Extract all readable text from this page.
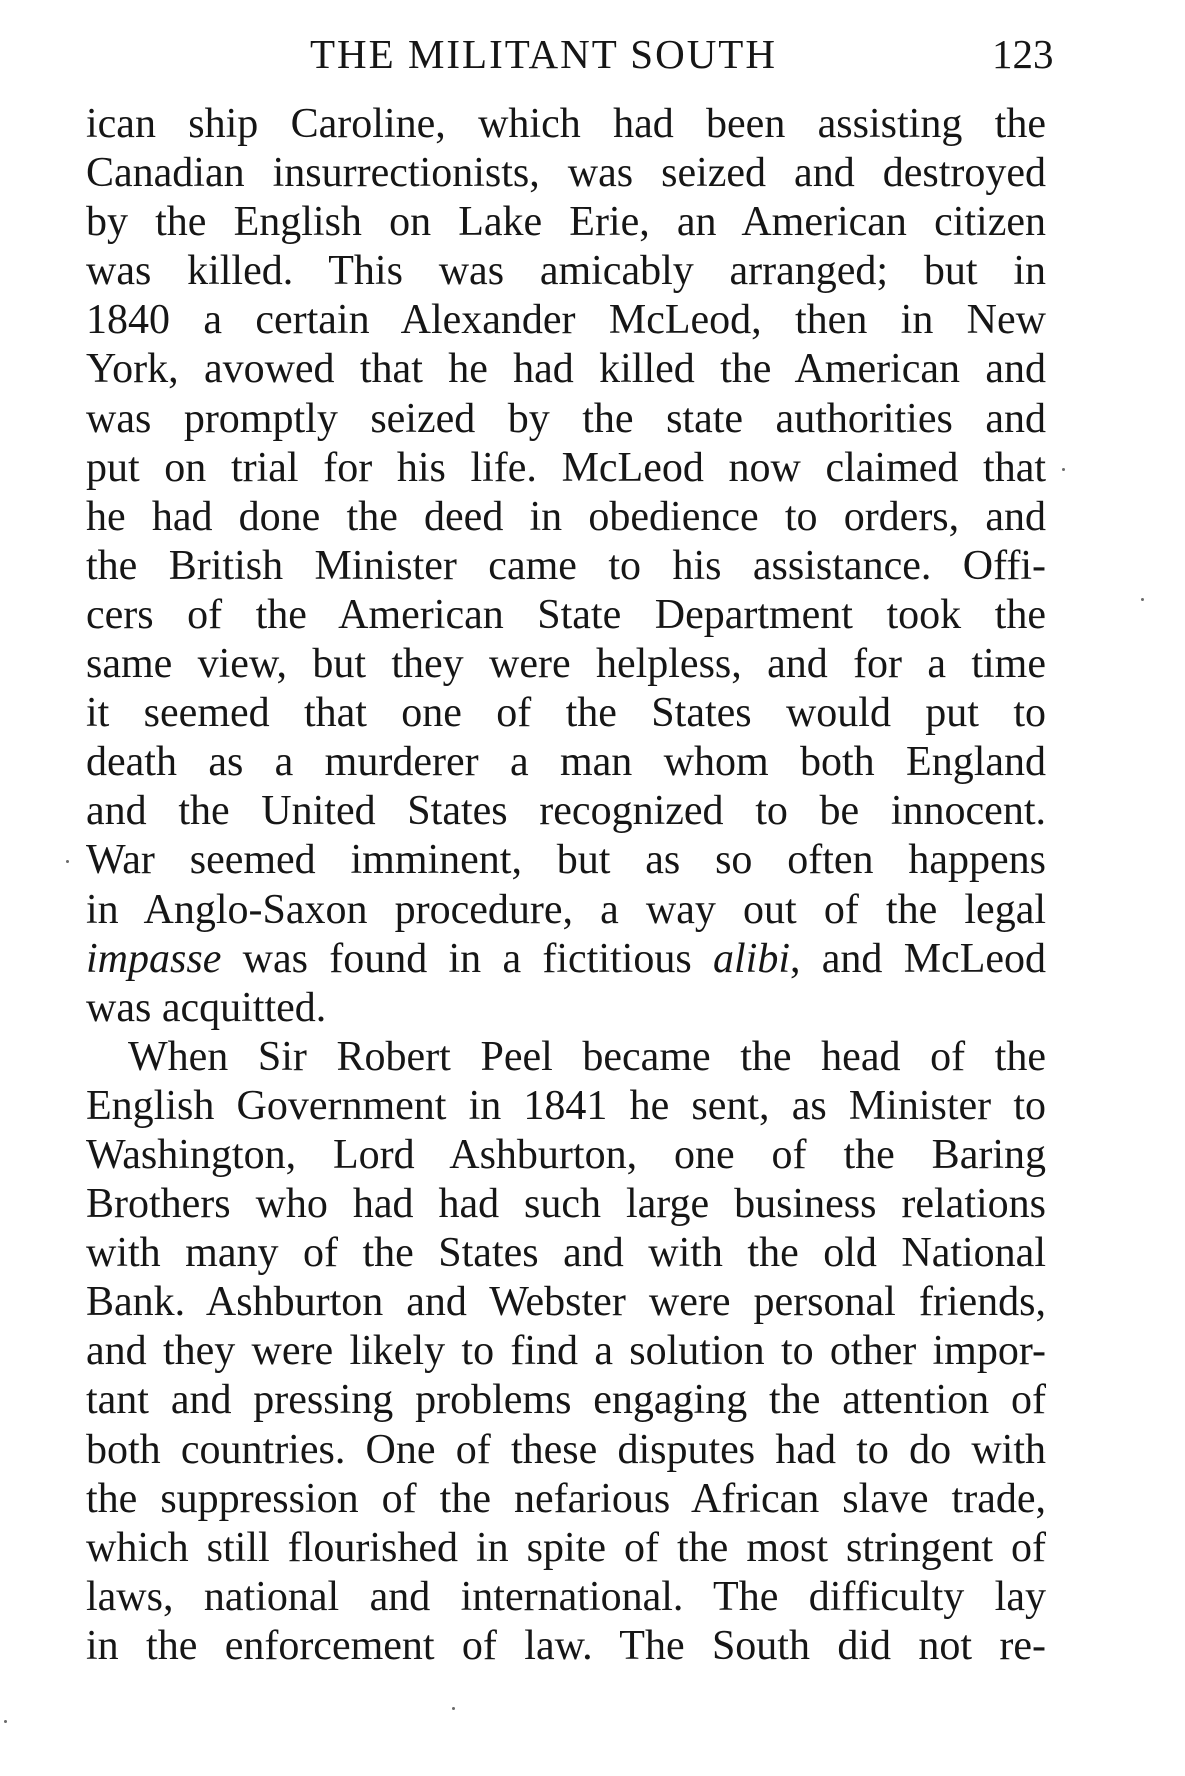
THE MILITANT SOUTH	123
ican ship Caroline, which had been assisting the
Canadian insurrectionists, was seized and destroyed
by the English on Lake Erie, an American citizen
was killed. This was amicably arranged; but in
1840 a certain Alexander McLeod, then in New
York, avowed that he had killed the American and
was promptly seized by the state authorities and
put on trial for his life. McLeod now claimed that
he had done the deed in obedience to orders, and
the British Minister came to his assistance. Offi-
cers of the American State Department took the
same view, but they were helpless, and for a time
it seemed that one of the States would put to
death as a murderer a man whom both England
and the United States recognized to be innocent.
War seemed imminent, but as so often happens
in Anglo-Saxon procedure, a way out of the legal
impasse was found in a fictitious alibi, and McLeod
was acquitted.
When Sir Robert Peel became the head of the
English Government in 1841 he sent, as Minister to
Washington, Lord Ashburton, one of the Baring
Brothers who had had such large business relations
with many of the States and with the old National
Bank. Ashburton and Webster were personal friends,
and they were likely to find a solution to other impor-
tant and pressing problems engaging the attention of
both countries. One of these disputes had to do with
the suppression of the nefarious African slave trade,
which still flourished in spite of the most stringent of
laws, national and international. The difficulty lay
in the enforcement of law. The South did not re-
